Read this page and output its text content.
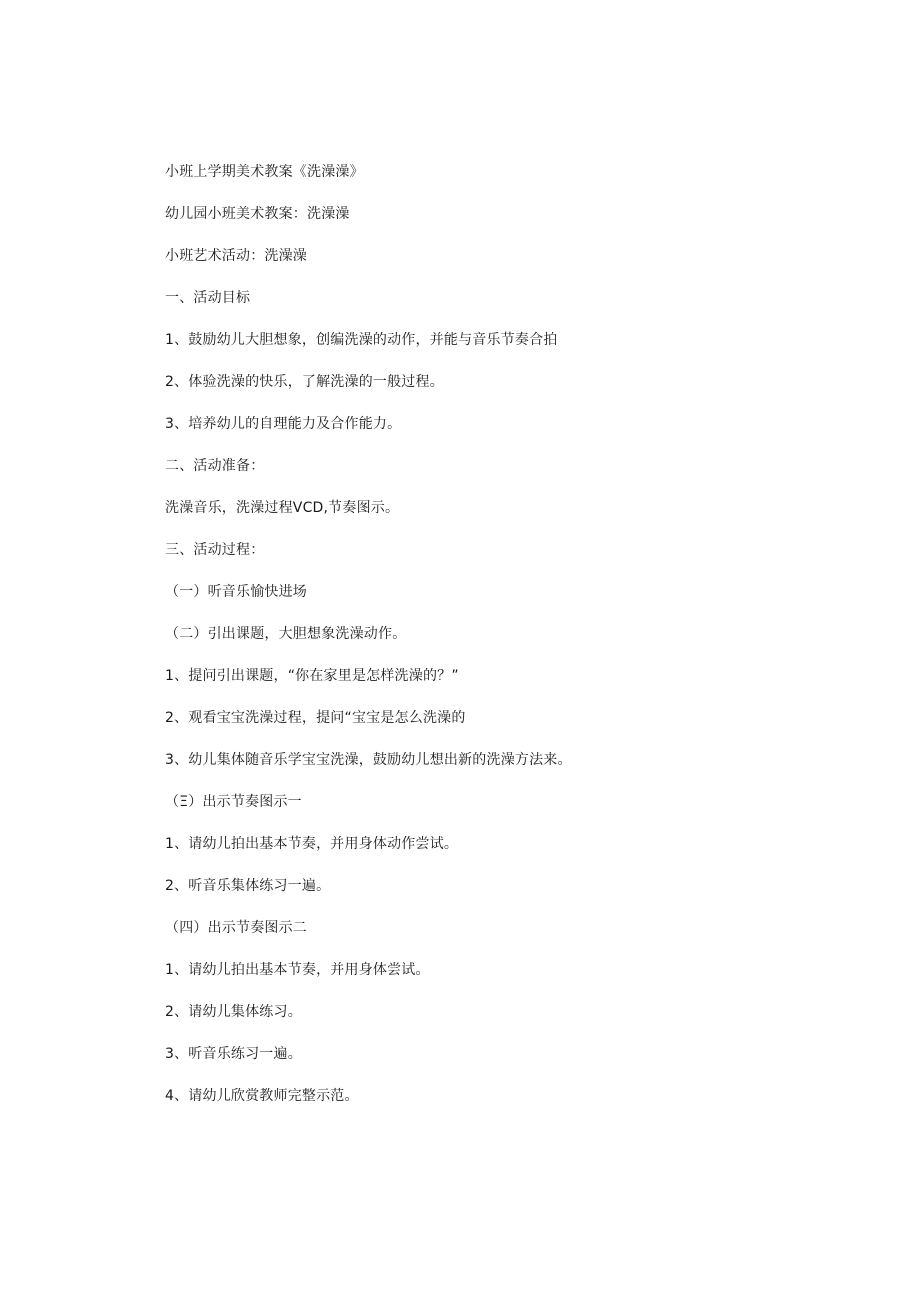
小班上学期美术教案《洗澡澡》
幼儿园小班美术教案：洗澡澡
小班艺术活动：洗澡澡
一、活动目标
1、鼓励幼儿大胆想象，创编洗澡的动作，并能与音乐节奏合拍
2、体验洗澡的快乐，了解洗澡的一般过程。
3、培养幼儿的自理能力及合作能力。
二、活动准备：
洗澡音乐，洗澡过程VCD,节奏图示。
三、活动过程：
（一）听音乐愉快进场
（二）引出课题，大胆想象洗澡动作。
1、提问引出课题，“你在家里是怎样洗澡的？”
2、观看宝宝洗澡过程，提问“宝宝是怎么洗澡的
3、幼儿集体随音乐学宝宝洗澡，鼓励幼儿想出新的洗澡方法来。
（Ξ）出示节奏图示一
1、请幼儿拍出基本节奏，并用身体动作尝试。
2、听音乐集体练习一遍。
（四）出示节奏图示二
1、请幼儿拍出基本节奏，并用身体尝试。
2、请幼儿集体练习。
3、听音乐练习一遍。
4、请幼儿欣赏教师完整示范。
